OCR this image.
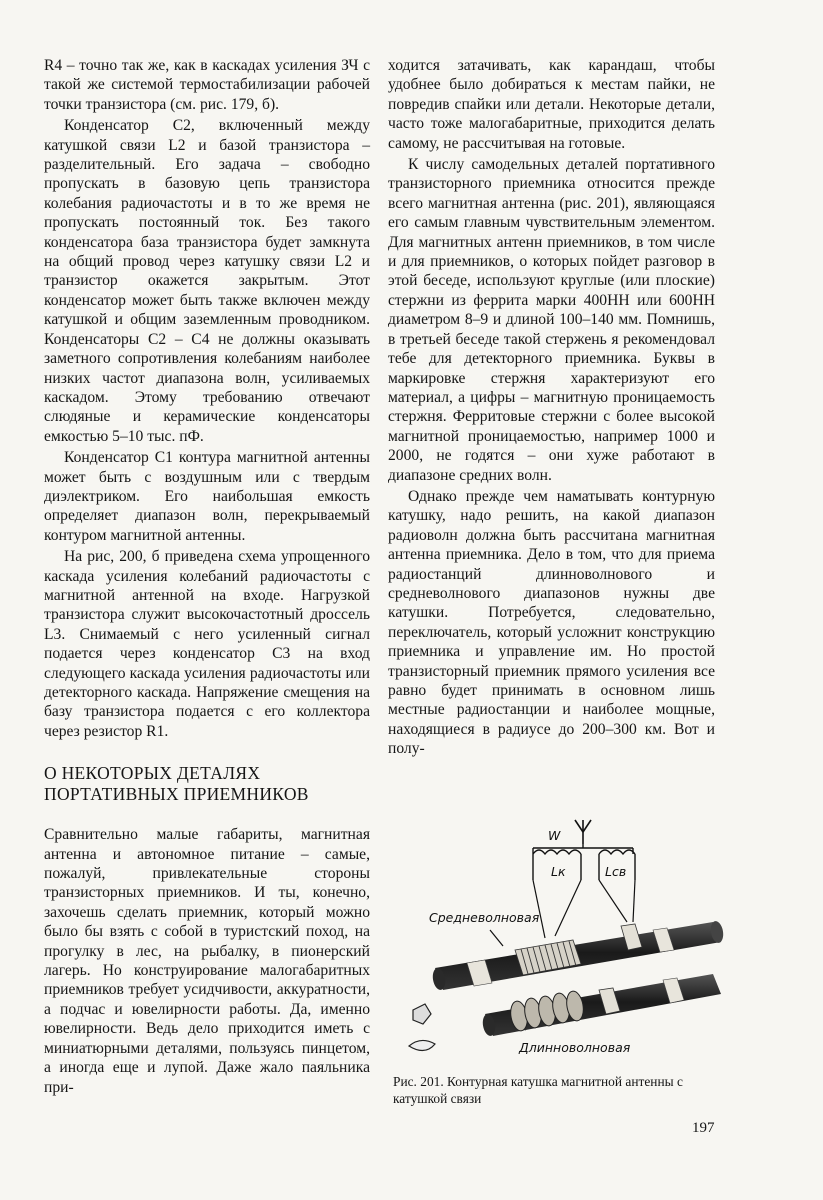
R4 – точно так же, как в каскадах усиления ЗЧ с такой же системой термостабилизации рабочей точки транзистора (см. рис. 179, б).

Конденсатор С2, включенный между катушкой связи L2 и базой транзистора – разделительный. Его задача – свободно пропускать в базовую цепь транзистора колебания радиочастоты и в то же время не пропускать постоянный ток. Без такого конденсатора база транзистора будет замкнута на общий провод через катушку связи L2 и транзистор окажется закрытым. Этот конденсатор может быть также включен между катушкой и общим заземленным проводником. Конденсаторы С2 – С4 не должны оказывать заметного сопротивления колебаниям наиболее низких частот диапазона волн, усиливаемых каскадом. Этому требованию отвечают слюдяные и керамические конденсаторы емкостью 5–10 тыс. пФ.

Конденсатор С1 контура магнитной антенны может быть с воздушным или с твердым диэлектриком. Его наибольшая емкость определяет диапазон волн, перекрываемый контуром магнитной антенны.

На рис, 200, б приведена схема упрощенного каскада усиления колебаний радиочастоты с магнитной антенной на входе. Нагрузкой транзистора служит высокочастотный дроссель L3. Снимаемый с него усиленный сигнал подается через конденсатор С3 на вход следующего каскада усиления радиочастоты или детекторного каскада. Напряжение смещения на базу транзистора подается с его коллектора через резистор R1.

О НЕКОТОРЫХ ДЕТАЛЯХ ПОРТАТИВНЫХ ПРИЕМНИКОВ

Сравнительно малые габариты, магнитная антенна и автономное питание – самые, пожалуй, привлекательные стороны транзисторных приемников. И ты, конечно, захочешь сделать приемник, который можно было бы взять с собой в туристский поход, на прогулку в лес, на рыбалку, в пионерский лагерь. Но конструирование малогабаритных приемников требует усидчивости, аккуратности, а подчас и ювелирности работы. Да, именно ювелирности. Ведь дело приходится иметь с миниатюрными деталями, пользуясь пинцетом, а иногда еще и лупой. Даже жало паяльника при-

ходится затачивать, как карандаш, чтобы удобнее было добираться к местам пайки, не повредив спайки или детали. Некоторые детали, часто тоже малогабаритные, приходится делать самому, не рассчитывая на готовые.

К числу самодельных деталей портативного транзисторного приемника относится прежде всего магнитная антенна (рис. 201), являющаяся его самым главным чувствительным элементом. Для магнитных антенн приемников, в том числе и для приемников, о которых пойдет разговор в этой беседе, используют круглые (или плоские) стержни из феррита марки 400НН или 600НН диаметром 8–9 и длиной 100–140 мм. Помнишь, в третьей беседе такой стержень я рекомендовал тебе для детекторного приемника. Буквы в маркировке стержня характеризуют его материал, а цифры – магнитную проницаемость стержня. Ферритовые стержни с более высокой магнитной проницаемостью, например 1000 и 2000, не годятся – они хуже работают в диапазоне средних волн.

Однако прежде чем наматывать контурную катушку, надо решить, на какой диапазон радиоволн должна быть рассчитана магнитная антенна приемника. Дело в том, что для приема радиостанций длинноволнового и средневолнового диапазонов нужны две катушки. Потребуется, следовательно, переключатель, который усложнит конструкцию приемника и управление им. Но простой транзисторный приемник прямого усиления все равно будет принимать в основном лишь местные радиостанции и наиболее мощные, находящиеся в радиусе до 200–300 км. Вот и полу-

W
Lк	Lсв
Средневолновая
Длинноволновая
Рис. 201. Контурная катушка магнитной антенны с катушкой связи
197
